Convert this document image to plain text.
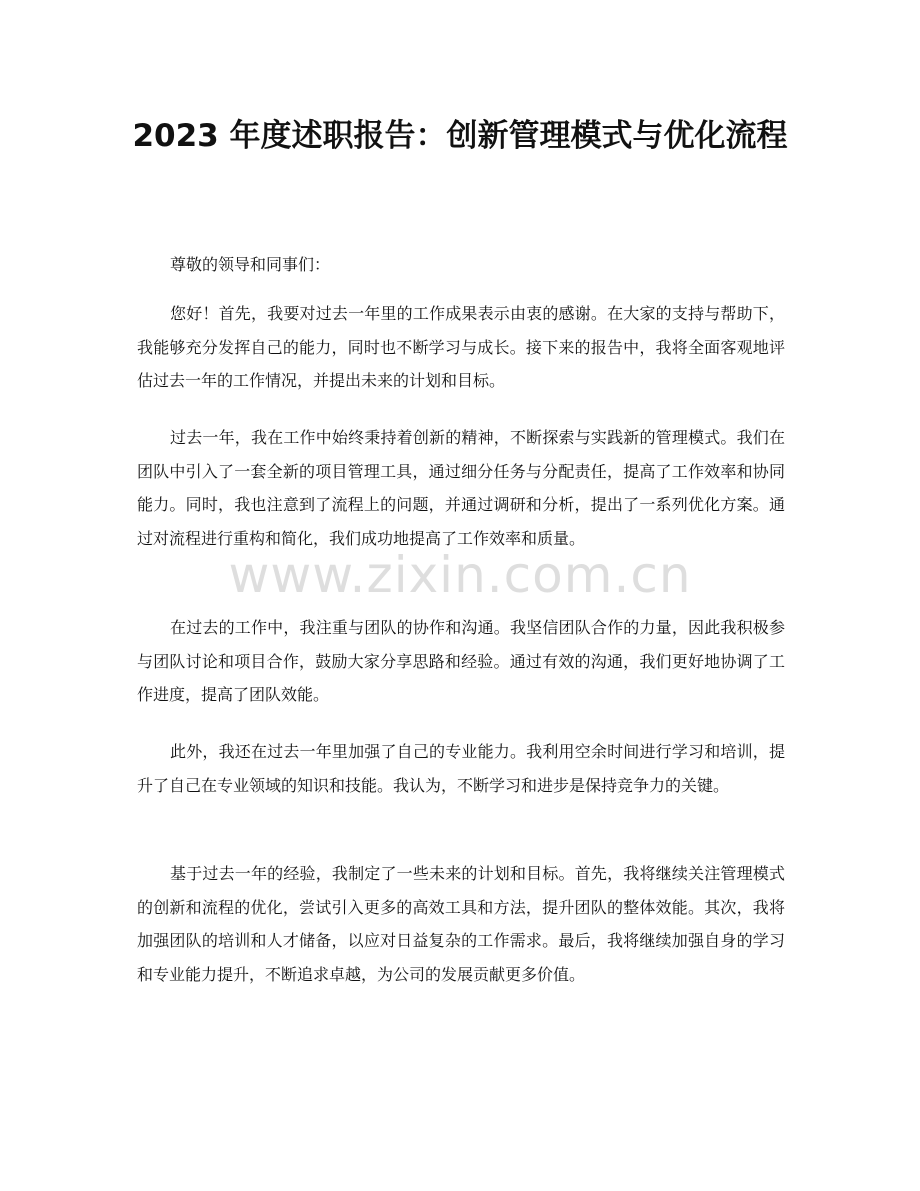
2023 年度述职报告：创新管理模式与优化流程

尊敬的领导和同事们：

您好！首先，我要对过去一年里的工作成果表示由衷的感谢。在大家的支持与帮助下，我能够充分发挥自己的能力，同时也不断学习与成长。接下来的报告中，我将全面客观地评估过去一年的工作情况，并提出未来的计划和目标。

过去一年，我在工作中始终秉持着创新的精神，不断探索与实践新的管理模式。我们在团队中引入了一套全新的项目管理工具，通过细分任务与分配责任，提高了工作效率和协同能力。同时，我也注意到了流程上的问题，并通过调研和分析，提出了一系列优化方案。通过对流程进行重构和简化，我们成功地提高了工作效率和质量。

在过去的工作中，我注重与团队的协作和沟通。我坚信团队合作的力量，因此我积极参与团队讨论和项目合作，鼓励大家分享思路和经验。通过有效的沟通，我们更好地协调了工作进度，提高了团队效能。

此外，我还在过去一年里加强了自己的专业能力。我利用空余时间进行学习和培训，提升了自己在专业领域的知识和技能。我认为，不断学习和进步是保持竞争力的关键。

基于过去一年的经验，我制定了一些未来的计划和目标。首先，我将继续关注管理模式的创新和流程的优化，尝试引入更多的高效工具和方法，提升团队的整体效能。其次，我将加强团队的培训和人才储备，以应对日益复杂的工作需求。最后，我将继续加强自身的学习和专业能力提升，不断追求卓越，为公司的发展贡献更多价值。

www.zixin.com.cn
